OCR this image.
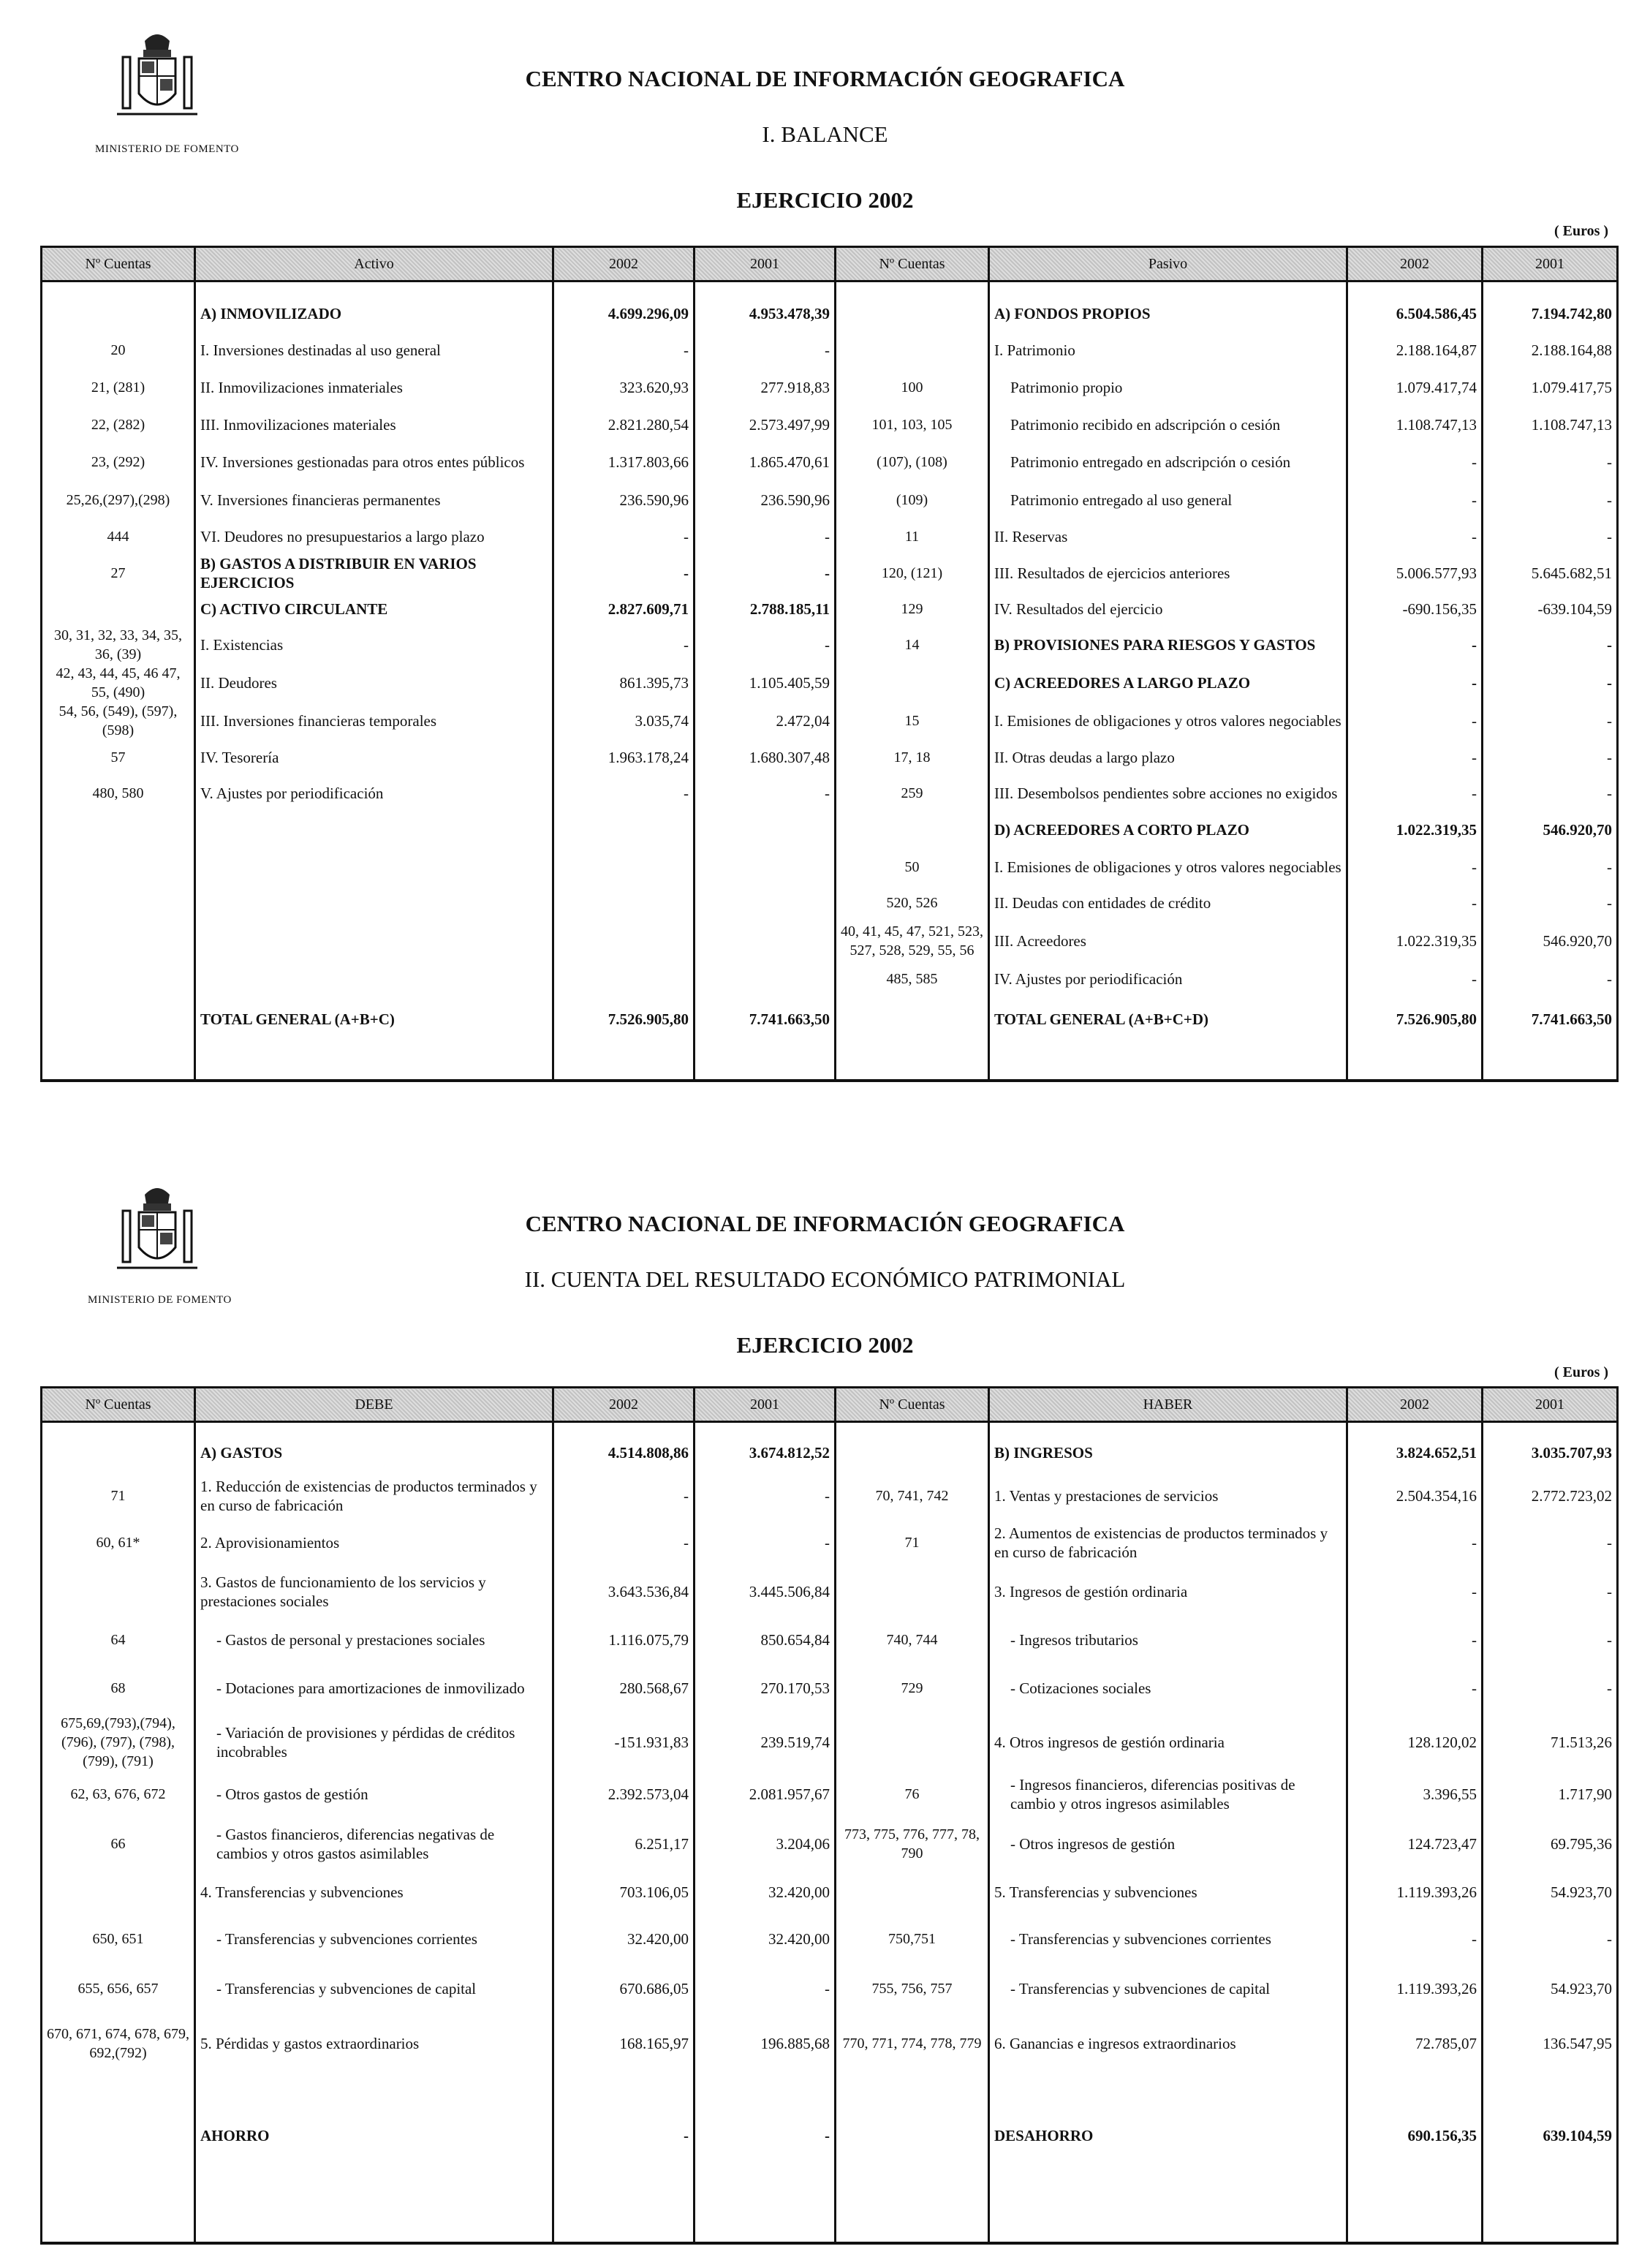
MINISTERIO DE FOMENTO
CENTRO NACIONAL DE INFORMACIÓN GEOGRAFICA
I. BALANCE
EJERCICIO 2002
( Euros )
Nº Cuentas	Activo	2002	2001	Nº Cuentas	Pasivo	2002	2001

	A) INMOVILIZADO	4.699.296,09	4.953.478,39		A) FONDOS PROPIOS	6.504.586,45	7.194.742,80
20	I. Inversiones destinadas al uso general	-	-		I. Patrimonio	2.188.164,87	2.188.164,88
21, (281)	II. Inmovilizaciones inmateriales	323.620,93	277.918,83	100	Patrimonio propio	1.079.417,74	1.079.417,75
22, (282)	III. Inmovilizaciones materiales	2.821.280,54	2.573.497,99	101, 103, 105	Patrimonio recibido en adscripción o cesión	1.108.747,13	1.108.747,13
23, (292)	IV. Inversiones gestionadas para otros entes públicos	1.317.803,66	1.865.470,61	(107), (108)	Patrimonio entregado en adscripción o cesión	-	-
25,26,(297),(298)	V. Inversiones financieras permanentes	236.590,96	236.590,96	(109)	Patrimonio entregado al uso general	-	-
444	VI. Deudores no presupuestarios a largo plazo	-	-	11	II. Reservas	-	-
27	B) GASTOS A DISTRIBUIR EN VARIOS EJERCICIOS	-	-	120, (121)	III. Resultados de ejercicios anteriores	5.006.577,93	5.645.682,51
	C) ACTIVO CIRCULANTE	2.827.609,71	2.788.185,11	129	IV. Resultados del ejercicio	-690.156,35	-639.104,59
30, 31, 32, 33, 34, 35, 36, (39)	I. Existencias	-	-	14	B) PROVISIONES PARA RIESGOS Y GASTOS	-	-
42, 43, 44, 45, 46 47, 55, (490)	II. Deudores	861.395,73	1.105.405,59		C) ACREEDORES A LARGO PLAZO	-	-
54, 56, (549), (597), (598)	III. Inversiones financieras temporales	3.035,74	2.472,04	15	I. Emisiones de obligaciones y otros valores negociables	-	-
57	IV. Tesorería	1.963.178,24	1.680.307,48	17, 18	II. Otras deudas a largo plazo	-	-
480, 580	V. Ajustes por periodificación	-	-	259	III. Desembolsos pendientes sobre acciones no exigidos	-	-
					D) ACREEDORES A CORTO PLAZO	1.022.319,35	546.920,70
				50	I. Emisiones de obligaciones y otros valores negociables	-	-
				520, 526	II. Deudas con entidades de crédito	-	-
				40, 41, 45, 47, 521, 523, 527, 528, 529, 55, 56	III. Acreedores	1.022.319,35	546.920,70
				485, 585	IV. Ajustes por periodificación	-	-
	TOTAL GENERAL (A+B+C)	7.526.905,80	7.741.663,50		TOTAL GENERAL (A+B+C+D)	7.526.905,80	7.741.663,50

MINISTERIO DE FOMENTO
CENTRO NACIONAL DE INFORMACIÓN GEOGRAFICA
II. CUENTA DEL RESULTADO ECONÓMICO PATRIMONIAL
EJERCICIO 2002
( Euros )
Nº Cuentas	DEBE	2002	2001	Nº Cuentas	HABER	2002	2001

	A) GASTOS	4.514.808,86	3.674.812,52		B) INGRESOS	3.824.652,51	3.035.707,93
71	1. Reducción de existencias de productos terminados y en curso de fabricación	-	-	70, 741, 742	1. Ventas y prestaciones de servicios	2.504.354,16	2.772.723,02
60, 61*	2. Aprovisionamientos	-	-	71	2. Aumentos de existencias de productos terminados y en curso de fabricación	-	-
	3. Gastos de funcionamiento de los servicios y prestaciones sociales	3.643.536,84	3.445.506,84		3. Ingresos de gestión ordinaria	-	-
64	- Gastos de personal y prestaciones sociales	1.116.075,79	850.654,84	740, 744	- Ingresos tributarios	-	-
68	- Dotaciones para amortizaciones de inmovilizado	280.568,67	270.170,53	729	- Cotizaciones sociales	-	-
675,69,(793),(794), (796), (797), (798), (799), (791)	- Variación de provisiones y pérdidas de créditos incobrables	-151.931,83	239.519,74		4. Otros ingresos de gestión ordinaria	128.120,02	71.513,26
62, 63, 676, 672	- Otros gastos de gestión	2.392.573,04	2.081.957,67	76	- Ingresos financieros, diferencias positivas de cambio y otros ingresos asimilables	3.396,55	1.717,90
66	- Gastos financieros, diferencias negativas de cambios y otros gastos asimilables	6.251,17	3.204,06	773, 775, 776, 777, 78, 790	- Otros ingresos de gestión	124.723,47	69.795,36
	4. Transferencias y subvenciones	703.106,05	32.420,00		5. Transferencias y subvenciones	1.119.393,26	54.923,70
650, 651	- Transferencias y subvenciones corrientes	32.420,00	32.420,00	750,751	- Transferencias y subvenciones corrientes	-	-
655, 656, 657	- Transferencias y subvenciones de capital	670.686,05	-	755, 756, 757	- Transferencias y subvenciones de capital	1.119.393,26	54.923,70
670, 671, 674, 678, 679, 692,(792)	5. Pérdidas y gastos extraordinarios	168.165,97	196.885,68	770, 771, 774, 778, 779	6. Ganancias e ingresos extraordinarios	72.785,07	136.547,95
	AHORRO	-	-		DESAHORRO	690.156,35	639.104,59
